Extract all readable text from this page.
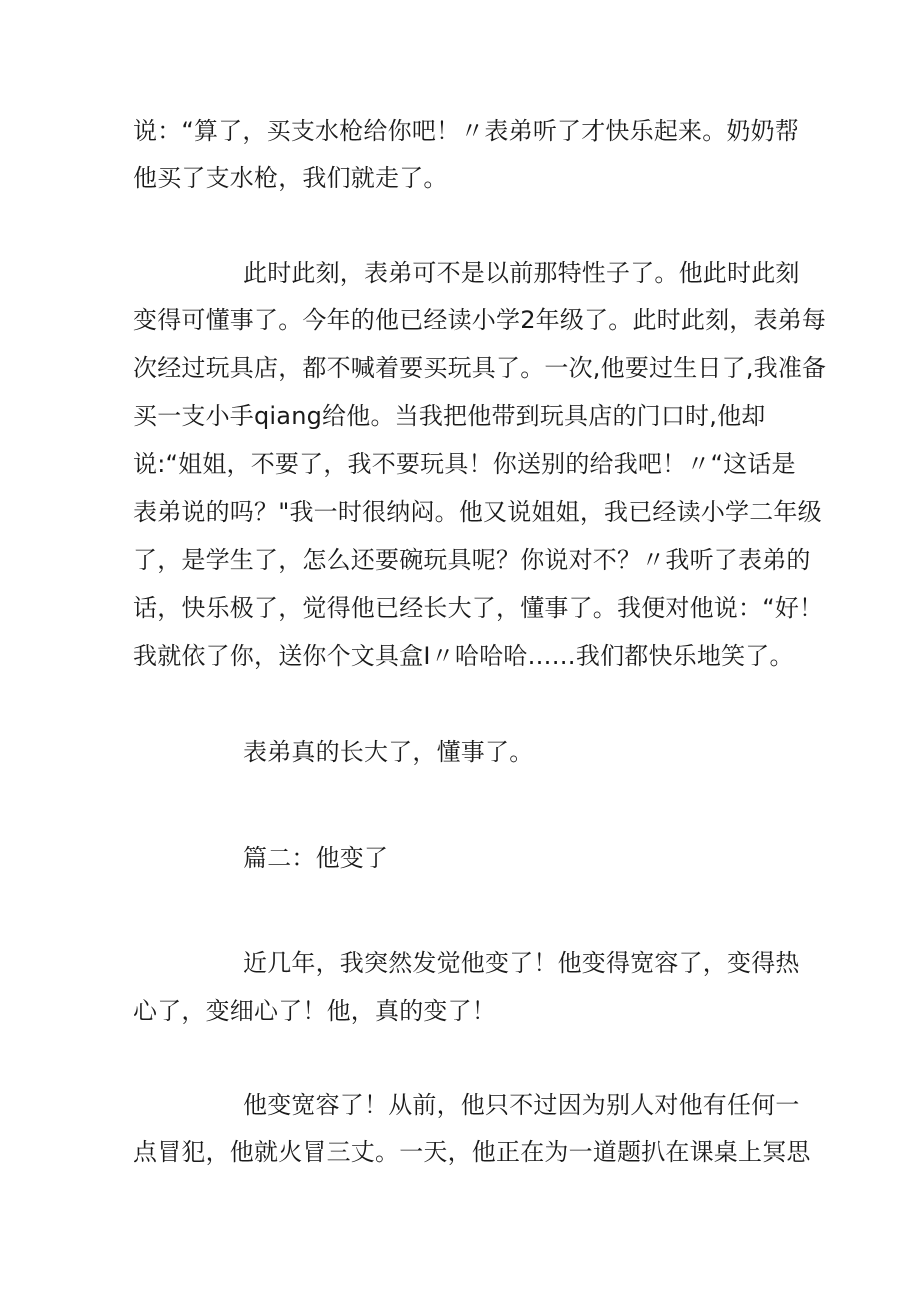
说：“算了，买支水枪给你吧！〃表弟听了才快乐起来。奶奶帮
他买了支水枪，我们就走了。
此时此刻，表弟可不是以前那特性子了。他此时此刻
变得可懂事了。今年的他已经读小学2年级了。此时此刻，表弟每
次经过玩具店，都不喊着要买玩具了。一次,他要过生日了,我准备
买一支小手qiang给他。当我把他带到玩具店的门口时,他却
说:“姐姐，不要了，我不要玩具！你送别的给我吧！〃“这话是
表弟说的吗？"我一时很纳闷。他又说姐姐，我已经读小学二年级
了，是学生了，怎么还要碗玩具呢？你说对不？〃我听了表弟的
话，快乐极了，觉得他已经长大了，懂事了。我便对他说：“好！
我就依了你，送你个文具盒I〃哈哈哈……我们都快乐地笑了。
表弟真的长大了，懂事了。
篇二：他变了
近几年，我突然发觉他变了！他变得宽容了，变得热
心了，变细心了！他，真的变了！
他变宽容了！从前，他只不过因为别人对他有任何一
点冒犯，他就火冒三丈。一天，他正在为一道题扒在课桌上冥思
